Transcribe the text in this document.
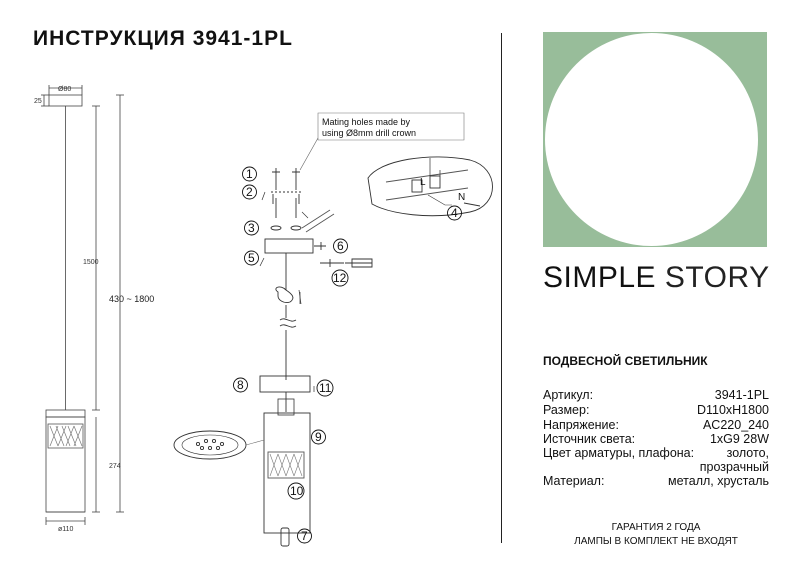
ИНСТРУКЦИЯ 3941-1PL
Ø80
25
1500
430 ~ 1800
274
ø110
Mating holes made by
using Ø8mm drill crown
1
2
3
4
5
6
12
8	11
9
10
7
L
N
SIMPLE STORY
ПОДВЕСНОЙ СВЕТИЛЬНИК
Артикул:	3941-1PL
Размер:	D110xH1800
Напряжение:	AC220_240
Источник света:	1xG9 28W
Цвет арматуры, плафона:	золото,
прозрачный
Материал:	металл, хрусталь
ГАРАНТИЯ 2 ГОДА
ЛАМПЫ В КОМПЛЕКТ НЕ ВХОДЯТ
